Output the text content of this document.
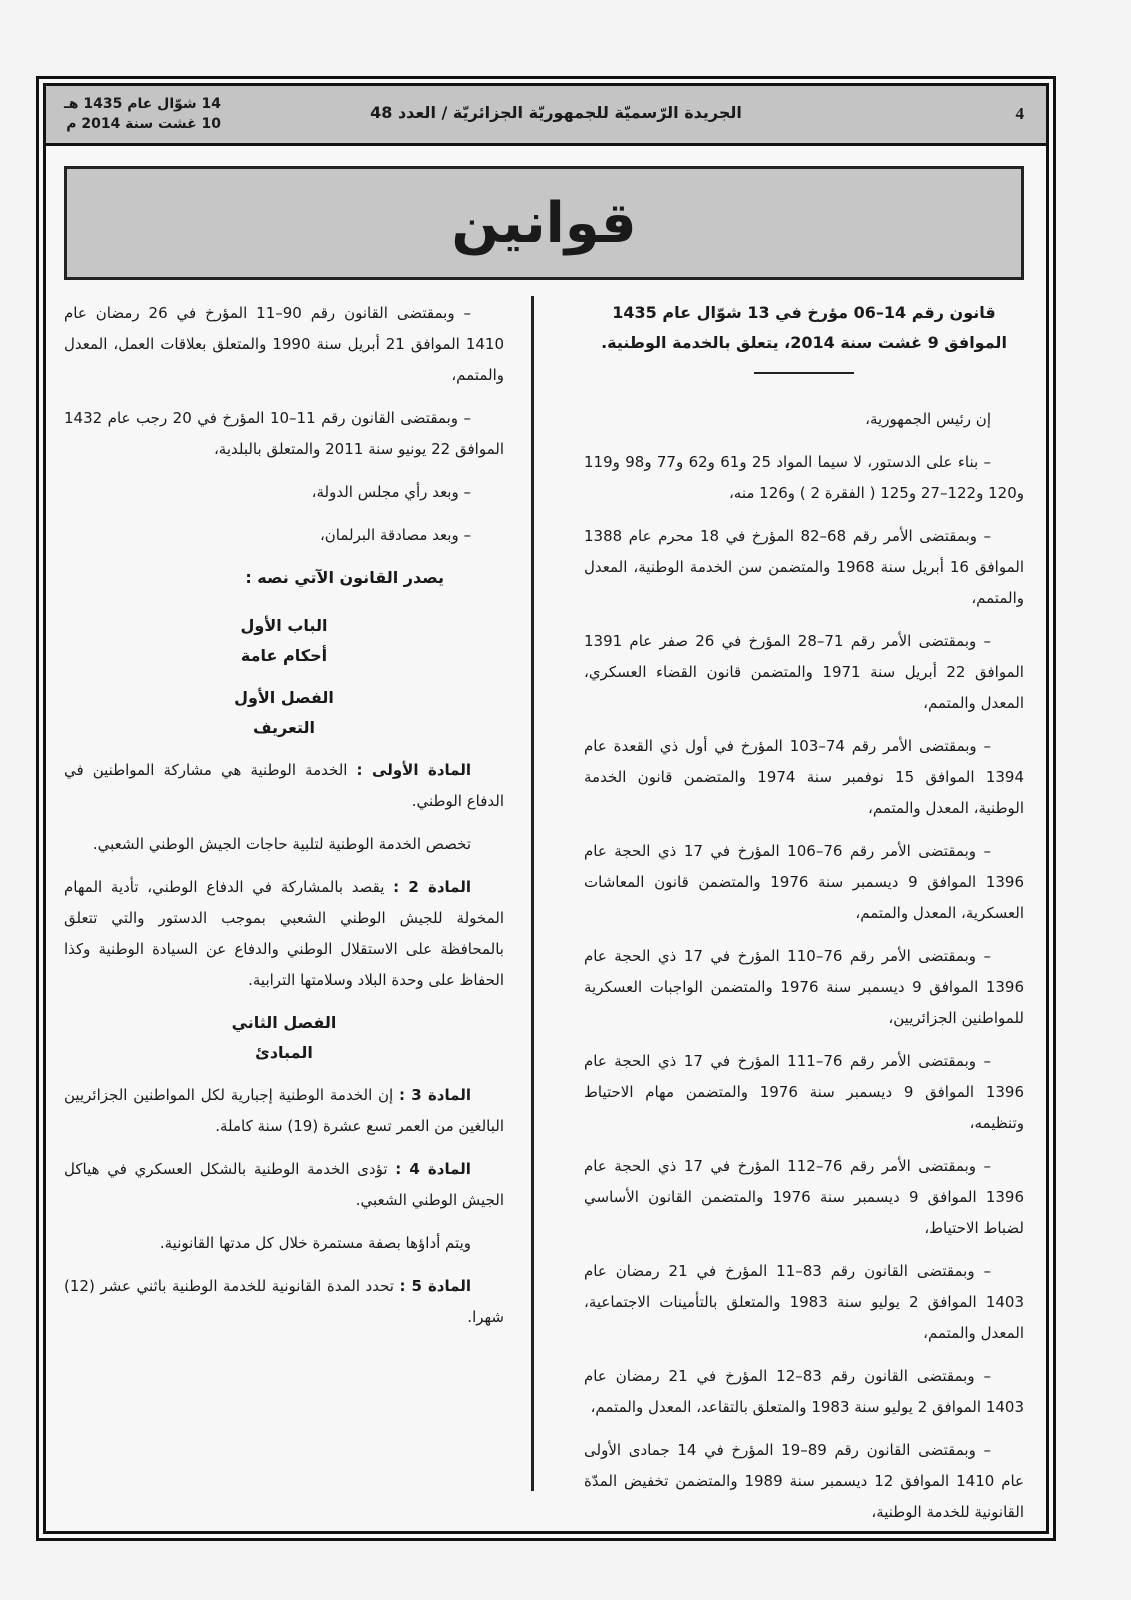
4
الجريدة الرّسميّة للجمهوريّة الجزائريّة / العدد 48
14 شوّال عام 1435 هـ
10 غشت سنة 2014 م
قوانين
قانون رقم 14–06 مؤرخ في 13 شوّال عام 1435 الموافق 9 غشت سنة 2014، يتعلق بالخدمة الوطنية.

إن رئيس الجمهورية،

– بناء على الدستور، لا سيما المواد 25 و61 و62 و77 و98 و119 و120 و122–27 و125 ( الفقرة 2 ) و126 منه،

– وبمقتضى الأمر رقم 68–82 المؤرخ في 18 محرم عام 1388 الموافق 16 أبريل سنة 1968 والمتضمن سن الخدمة الوطنية، المعدل والمتمم،

– وبمقتضى الأمر رقم 71–28 المؤرخ في 26 صفر عام 1391 الموافق 22 أبريل سنة 1971 والمتضمن قانون القضاء العسكري، المعدل والمتمم،

– وبمقتضى الأمر رقم 74–103 المؤرخ في أول ذي القعدة عام 1394 الموافق 15 نوفمبر سنة 1974 والمتضمن قانون الخدمة الوطنية، المعدل والمتمم،

– وبمقتضى الأمر رقم 76–106 المؤرخ في 17 ذي الحجة عام 1396 الموافق 9 ديسمبر سنة 1976 والمتضمن قانون المعاشات العسكرية، المعدل والمتمم،

– وبمقتضى الأمر رقم 76–110 المؤرخ في 17 ذي الحجة عام 1396 الموافق 9 ديسمبر سنة 1976 والمتضمن الواجبات العسكرية للمواطنين الجزائريين،

– وبمقتضى الأمر رقم 76–111 المؤرخ في 17 ذي الحجة عام 1396 الموافق 9 ديسمبر سنة 1976 والمتضمن مهام الاحتياط وتنظيمه،

– وبمقتضى الأمر رقم 76–112 المؤرخ في 17 ذي الحجة عام 1396 الموافق 9 ديسمبر سنة 1976 والمتضمن القانون الأساسي لضباط الاحتياط،

– وبمقتضى القانون رقم 83–11 المؤرخ في 21 رمضان عام 1403 الموافق 2 يوليو سنة 1983 والمتعلق بالتأمينات الاجتماعية، المعدل والمتمم،

– وبمقتضى القانون رقم 83–12 المؤرخ في 21 رمضان عام 1403 الموافق 2 يوليو سنة 1983 والمتعلق بالتقاعد، المعدل والمتمم،

– وبمقتضى القانون رقم 89–19 المؤرخ في 14 جمادى الأولى عام 1410 الموافق 12 ديسمبر سنة 1989 والمتضمن تخفيض المدّة القانونية للخدمة الوطنية،

– وبمقتضى القانون رقم 90–11 المؤرخ في 26 رمضان عام 1410 الموافق 21 أبريل سنة 1990 والمتعلق بعلاقات العمل، المعدل والمتمم،

– وبمقتضى القانون رقم 11–10 المؤرخ في 20 رجب عام 1432 الموافق 22 يونيو سنة 2011 والمتعلق بالبلدية،

– وبعد رأي مجلس الدولة،

– وبعد مصادقة البرلمان،

يصدر القانون الآتي نصه :
الباب الأول
أحكام عامة
الفصل الأول
التعريف

المادة الأولى : الخدمة الوطنية هي مشاركة المواطنين في الدفاع الوطني.

تخصص الخدمة الوطنية لتلبية حاجات الجيش الوطني الشعبي.

المادة 2 : يقصد بالمشاركة في الدفاع الوطني، تأدية المهام المخولة للجيش الوطني الشعبي بموجب الدستور والتي تتعلق بالمحافظة على الاستقلال الوطني والدفاع عن السيادة الوطنية وكذا الحفاظ على وحدة البلاد وسلامتها الترابية.

الفصل الثاني
المبادئ

المادة 3 : إن الخدمة الوطنية إجبارية لكل المواطنين الجزائريين البالغين من العمر تسع عشرة (19) سنة كاملة.

المادة 4 : تؤدى الخدمة الوطنية بالشكل العسكري في هياكل الجيش الوطني الشعبي.

ويتم أداؤها بصفة مستمرة خلال كل مدتها القانونية.

المادة 5 : تحدد المدة القانونية للخدمة الوطنية باثني عشر (12) شهرا.
